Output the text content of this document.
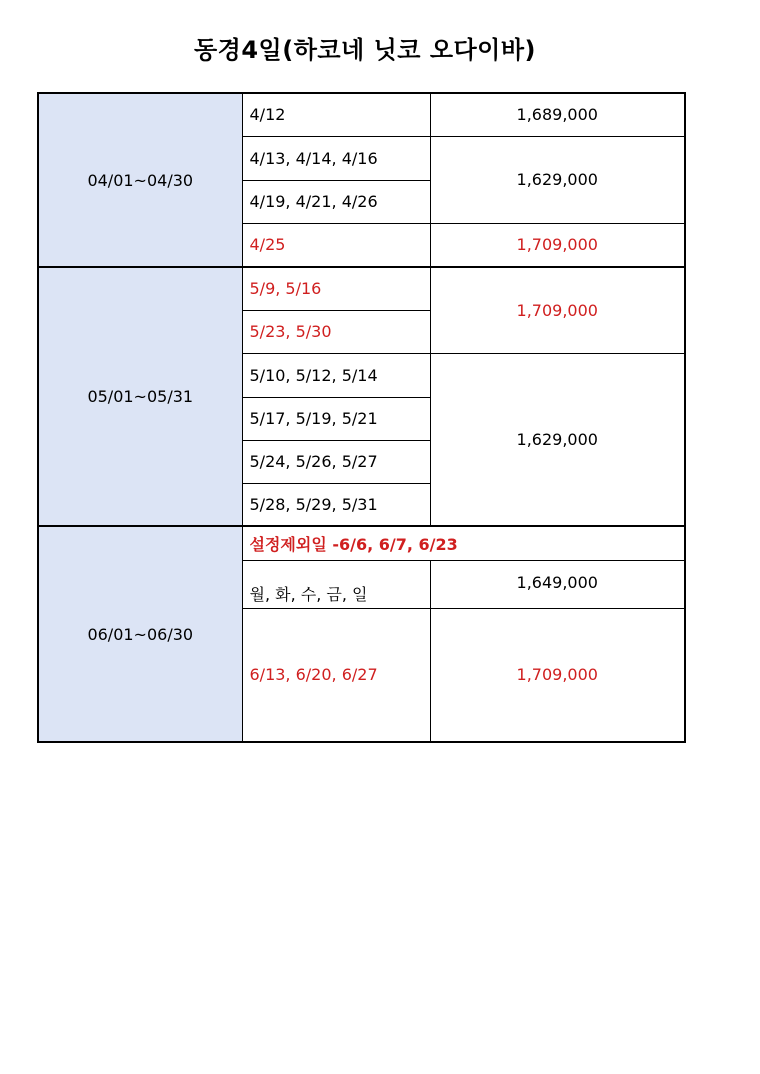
동경4일(하코네 닛코 오다이바)
04/01~04/30	4/12	1,689,000
	4/13, 4/14, 4/16	1,629,000
	4/19, 4/21, 4/26	
	4/25	1,709,000
05/01~05/31	5/9, 5/16	1,709,000
	5/23, 5/30	
	5/10, 5/12, 5/14	1,629,000
	5/17, 5/19, 5/21	
	5/24, 5/26, 5/27	
	5/28, 5/29, 5/31	
06/01~06/30	설정제외일 -6/6, 6/7, 6/23	
	월, 화, 수, 금, 일	1,649,000
	6/13, 6/20, 6/27	1,709,000
